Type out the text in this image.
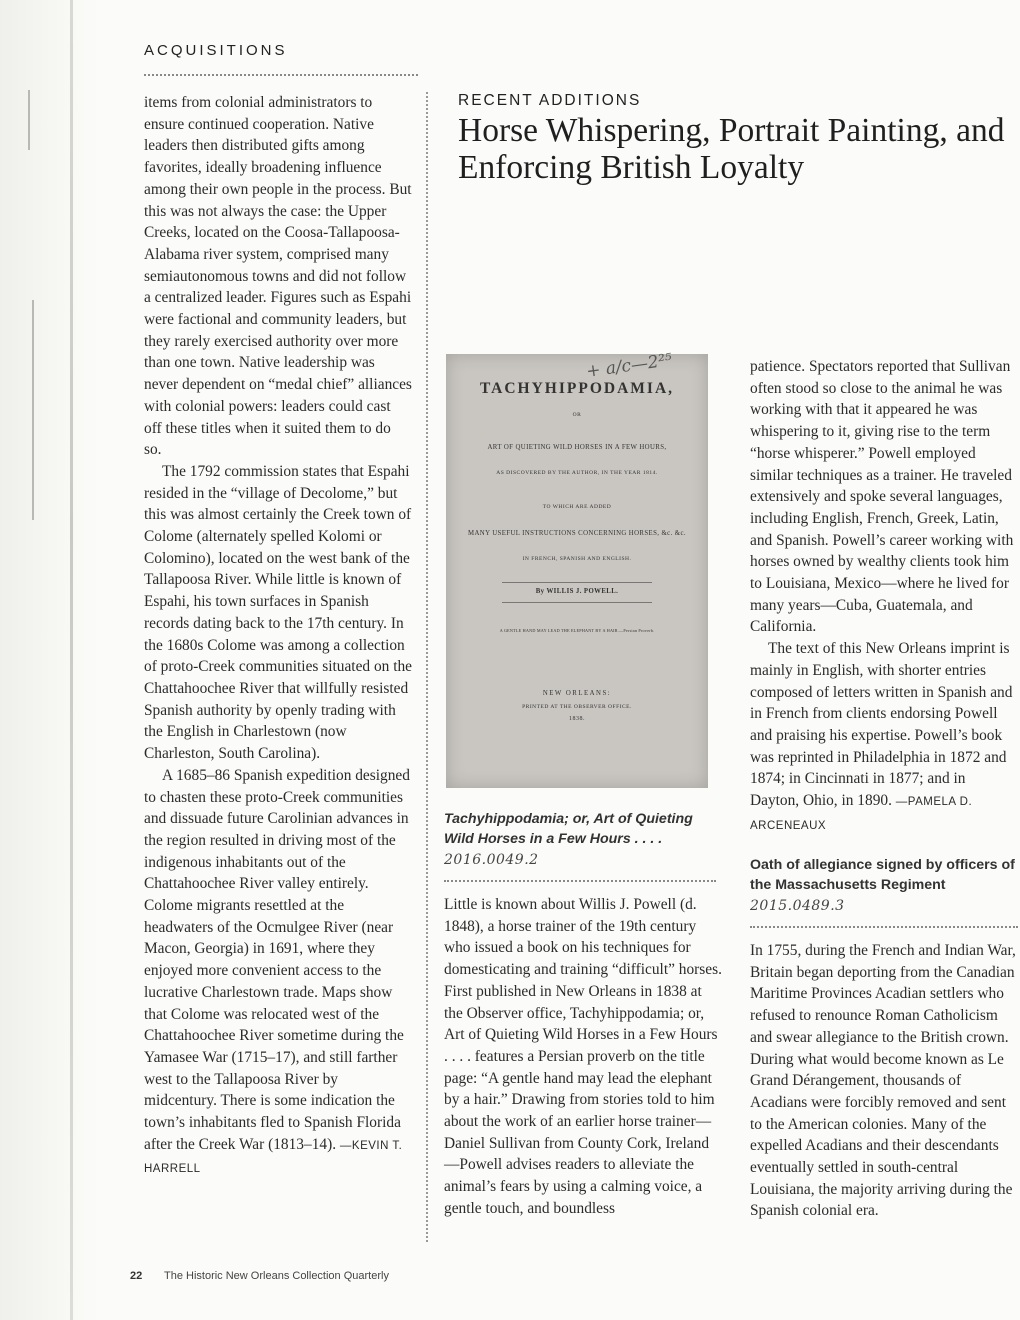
ACQUISITIONS

items from colonial administrators to ensure continued cooperation. Native leaders then distributed gifts among favorites, ideally broadening influence among their own people in the process. But this was not always the case: the Upper Creeks, located on the Coosa-Tallapoosa-Alabama river system, comprised many semiautonomous towns and did not follow a centralized leader. Figures such as Espahi were factional and community leaders, but they rarely exercised authority over more than one town. Native leadership was never dependent on “medal chief” alliances with colonial powers: leaders could cast off these titles when it suited them to do so.

The 1792 commission states that Espahi resided in the “village of Decolome,” but this was almost certainly the Creek town of Colome (alternately spelled Kolomi or Colomino), located on the west bank of the Tallapoosa River. While little is known of Espahi, his town surfaces in Spanish records dating back to the 17th century. In the 1680s Colome was among a collection of proto-Creek communities situated on the Chattahoochee River that willfully resisted Spanish authority by openly trading with the English in Charlestown (now Charleston, South Carolina).

A 1685–86 Spanish expedition designed to chasten these proto-Creek communities and dissuade future Carolinian advances in the region resulted in driving most of the indigenous inhabitants out of the Chattahoochee River valley entirely. Colome migrants resettled at the headwaters of the Ocmulgee River (near Macon, Georgia) in 1691, where they enjoyed more convenient access to the lucrative Charlestown trade. Maps show that Colome was relocated west of the Chattahoochee River sometime during the Yamasee War (1715–17), and still farther west to the Tallapoosa River by midcentury. There is some indication the town’s inhabitants fled to Spanish Florida after the Creek War (1813–14). —KEVIN T. HARRELL

RECENT ADDITIONS
Horse Whispering, Portrait Painting, and Enforcing British Loyalty
+ a/c—2²⁵
TACHYHIPPODAMIA,
OR
ART OF QUIETING WILD HORSES IN A FEW HOURS,
AS DISCOVERED BY THE AUTHOR, IN THE YEAR 1814.
TO WHICH ARE ADDED
MANY USEFUL INSTRUCTIONS CONCERNING HORSES, &c. &c.
IN FRENCH, SPANISH AND ENGLISH.
By WILLIS J. POWELL.
A GENTLE HAND MAY LEAD THE ELEPHANT BY A HAIR.—Persian Proverb.
NEW ORLEANS:
PRINTED AT THE OBSERVER OFFICE.
1838.
Tachyhippodamia; or, Art of Quieting Wild Horses in a Few Hours . . . .
2016.0049.2

Little is known about Willis J. Powell (d. 1848), a horse trainer of the 19th century who issued a book on his techniques for domesticating and training “difficult” horses. First published in New Orleans in 1838 at the Observer office, Tachyhippodamia; or, Art of Quieting Wild Horses in a Few Hours . . . . features a Persian proverb on the title page: “A gentle hand may lead the elephant by a hair.” Drawing from stories told to him about the work of an earlier horse trainer—Daniel Sullivan from County Cork, Ireland—Powell advises readers to alleviate the animal’s fears by using a calming voice, a gentle touch, and boundless

patience. Spectators reported that Sullivan often stood so close to the animal he was working with that it appeared he was whispering to it, giving rise to the term “horse whisperer.” Powell employed similar techniques as a trainer. He traveled extensively and spoke several languages, including English, French, Greek, Latin, and Spanish. Powell’s career working with horses owned by wealthy clients took him to Louisiana, Mexico—where he lived for many years—Cuba, Guatemala, and California.

The text of this New Orleans imprint is mainly in English, with shorter entries composed of letters written in Spanish and in French from clients endorsing Powell and praising his expertise. Powell’s book was reprinted in Philadelphia in 1872 and 1874; in Cincinnati in 1877; and in Dayton, Ohio, in 1890. —PAMELA D. ARCENEAUX

Oath of allegiance signed by officers of the Massachusetts Regiment
2015.0489.3

In 1755, during the French and Indian War, Britain began deporting from the Canadian Maritime Provinces Acadian settlers who refused to renounce Roman Catholicism and swear allegiance to the British crown. During what would become known as Le Grand Dérangement, thousands of Acadians were forcibly removed and sent to the American colonies. Many of the expelled Acadians and their descendants eventually settled in south-central Louisiana, the majority arriving during the Spanish colonial era.

22 The Historic New Orleans Collection Quarterly
